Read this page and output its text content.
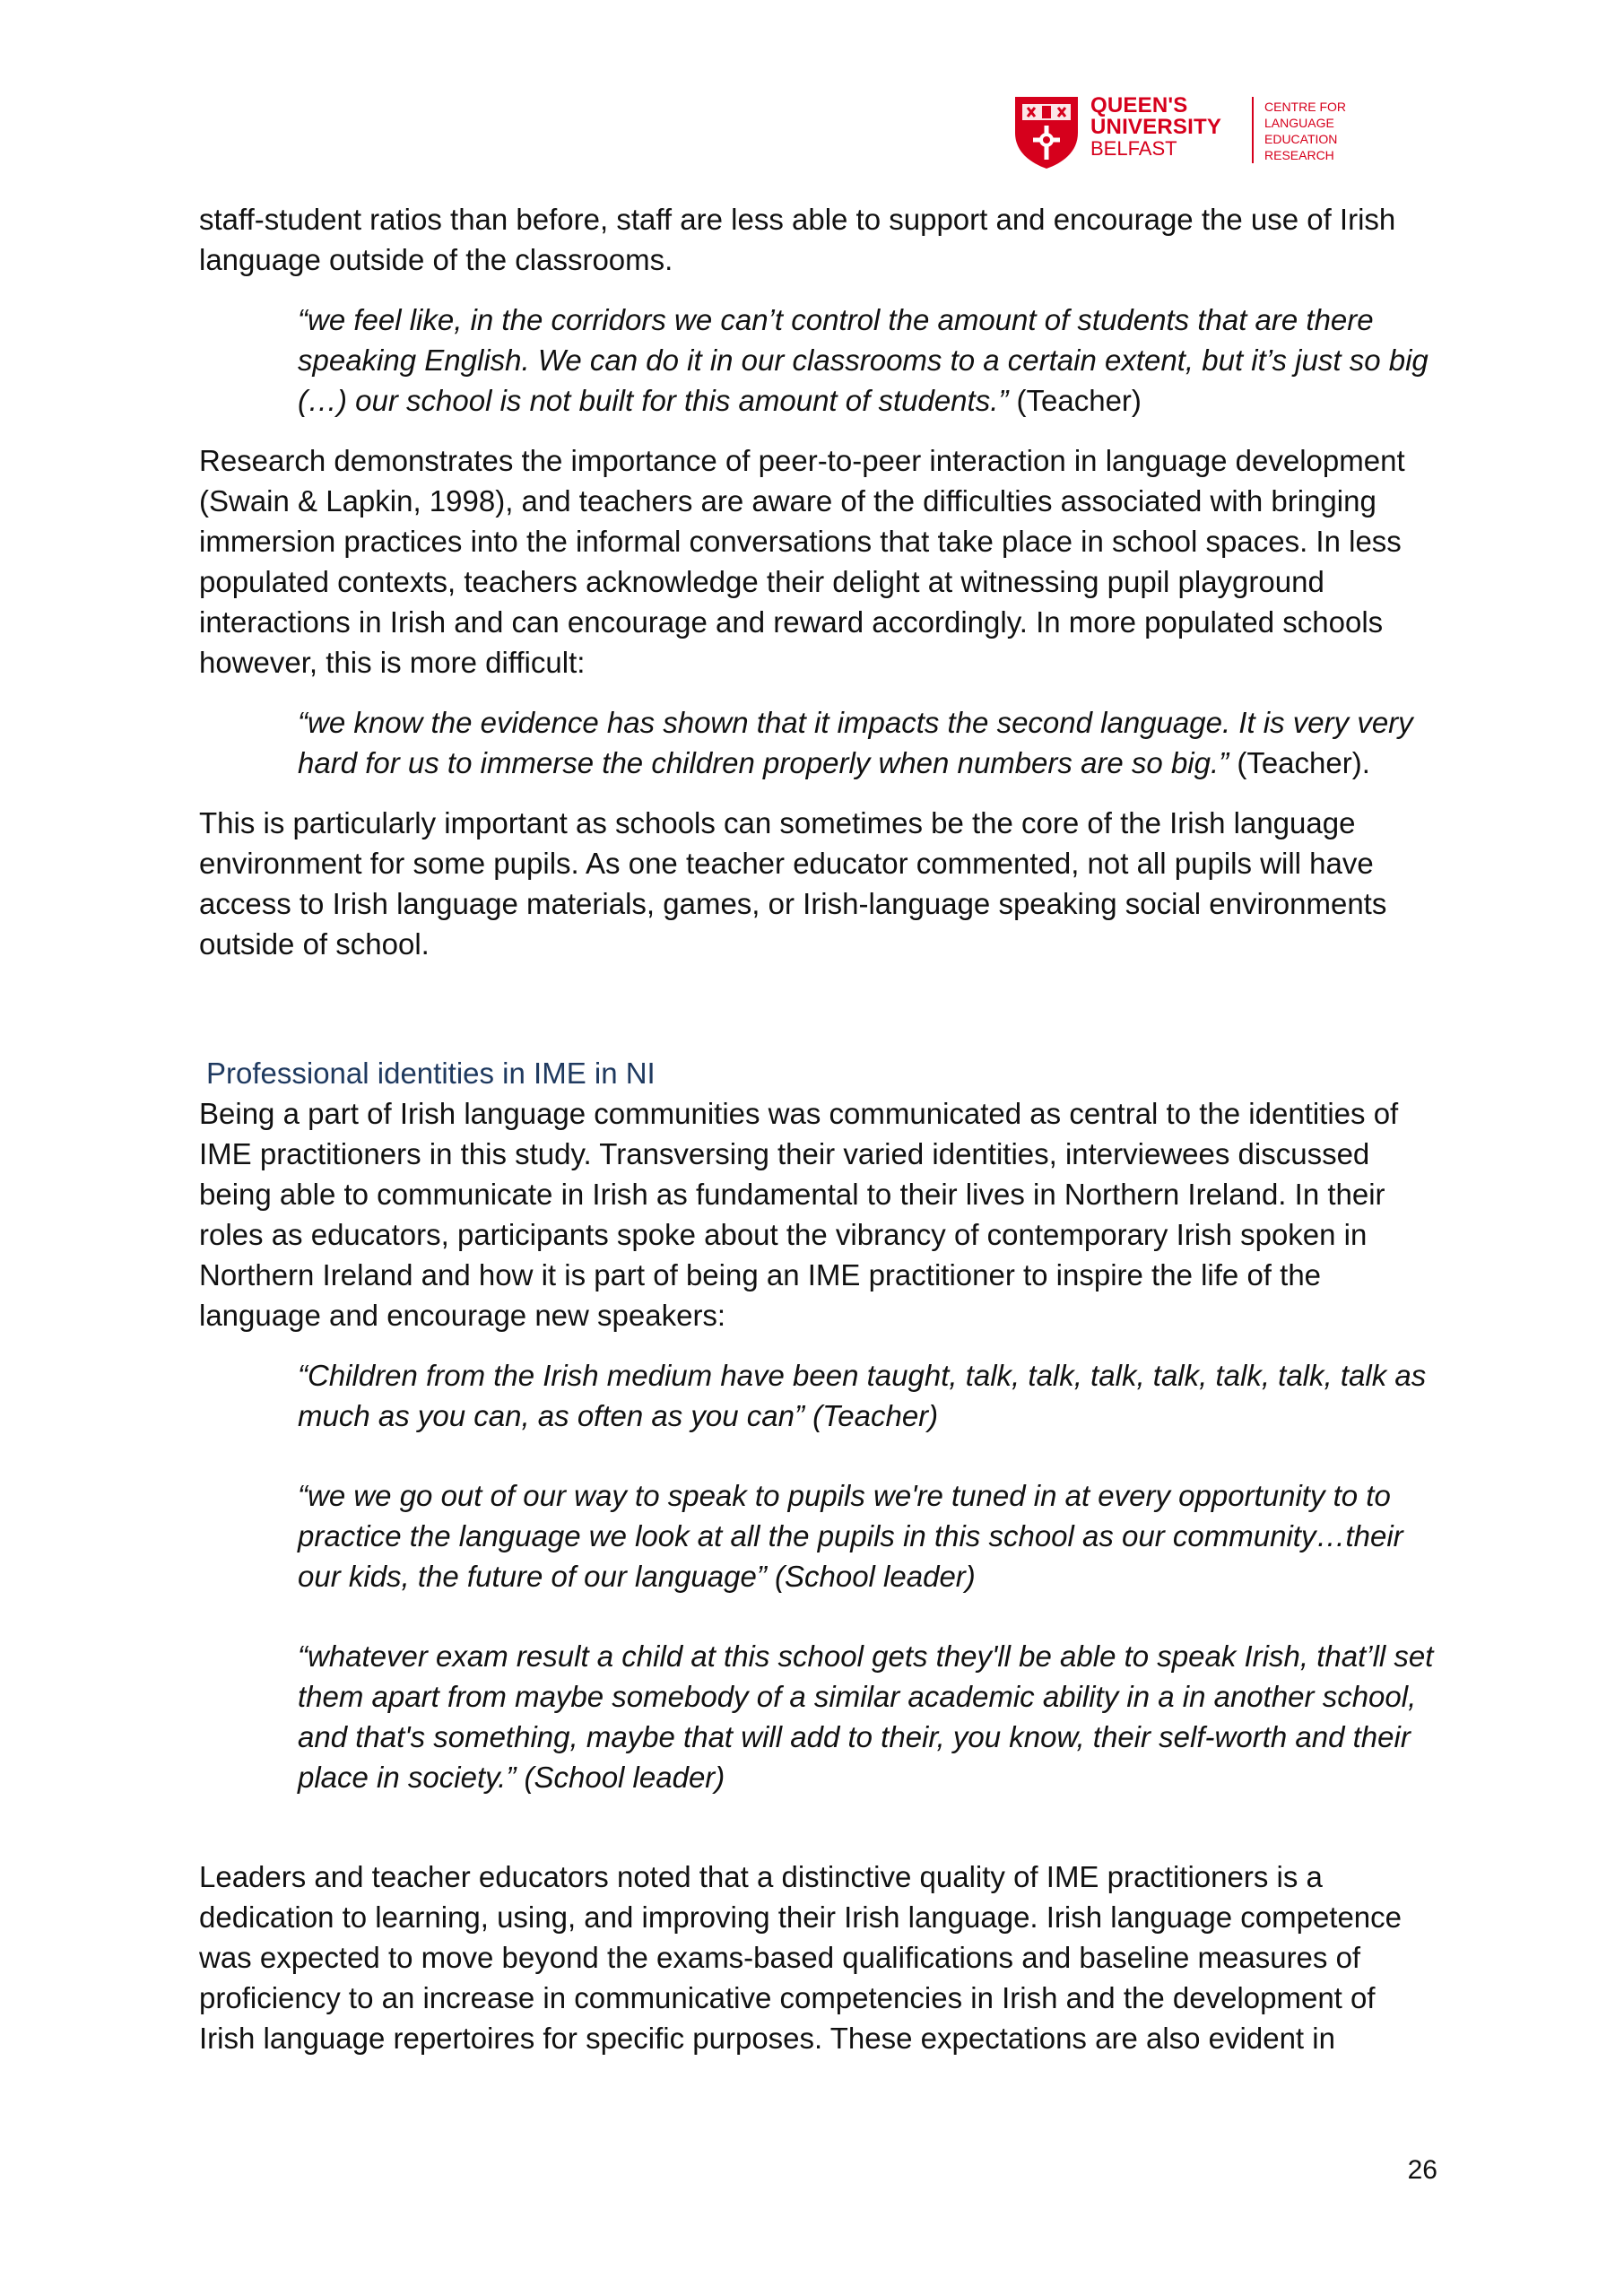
QUEEN'S
UNIVERSITY
BELFAST
CENTRE FOR
LANGUAGE
EDUCATION
RESEARCH

staff-student ratios than before, staff are less able to support and encourage the use of Irish language outside of the classrooms.

“we feel like, in the corridors we can’t control the amount of students that are there speaking English. We can do it in our classrooms to a certain extent, but it’s just so big (…) our school is not built for this amount of students.” (Teacher)

Research demonstrates the importance of peer-to-peer interaction in language development (Swain & Lapkin, 1998), and teachers are aware of the difficulties associated with bringing immersion practices into the informal conversations that take place in school spaces. In less populated contexts, teachers acknowledge their delight at witnessing pupil playground interactions in Irish and can encourage and reward accordingly. In more populated schools however, this is more difficult:

“we know the evidence has shown that it impacts the second language. It is very very hard for us to immerse the children properly when numbers are so big.” (Teacher).

This is particularly important as schools can sometimes be the core of the Irish language environment for some pupils. As one teacher educator commented, not all pupils will have access to Irish language materials, games, or Irish-language speaking social environments outside of school.

Professional identities in IME in NI

Being a part of Irish language communities was communicated as central to the identities of IME practitioners in this study. Transversing their varied identities, interviewees discussed being able to communicate in Irish as fundamental to their lives in Northern Ireland. In their roles as educators, participants spoke about the vibrancy of contemporary Irish spoken in Northern Ireland and how it is part of being an IME practitioner to inspire the life of the language and encourage new speakers:

“Children from the Irish medium have been taught, talk, talk, talk, talk, talk, talk, talk as much as you can, as often as you can” (Teacher)

“we we go out of our way to speak to pupils we're tuned in at every opportunity to to practice the language we look at all the pupils in this school as our community…their our kids, the future of our language” (School leader)

“whatever exam result a child at this school gets they'll be able to speak Irish, that’ll set them apart from maybe somebody of a similar academic ability in a in another school, and that's something, maybe that will add to their, you know, their self-worth and their place in society.” (School leader)

Leaders and teacher educators noted that a distinctive quality of IME practitioners is a dedication to learning, using, and improving their Irish language. Irish language competence was expected to move beyond the exams-based qualifications and baseline measures of proficiency to an increase in communicative competencies in Irish and the development of Irish language repertoires for specific purposes. These expectations are also evident in

26
